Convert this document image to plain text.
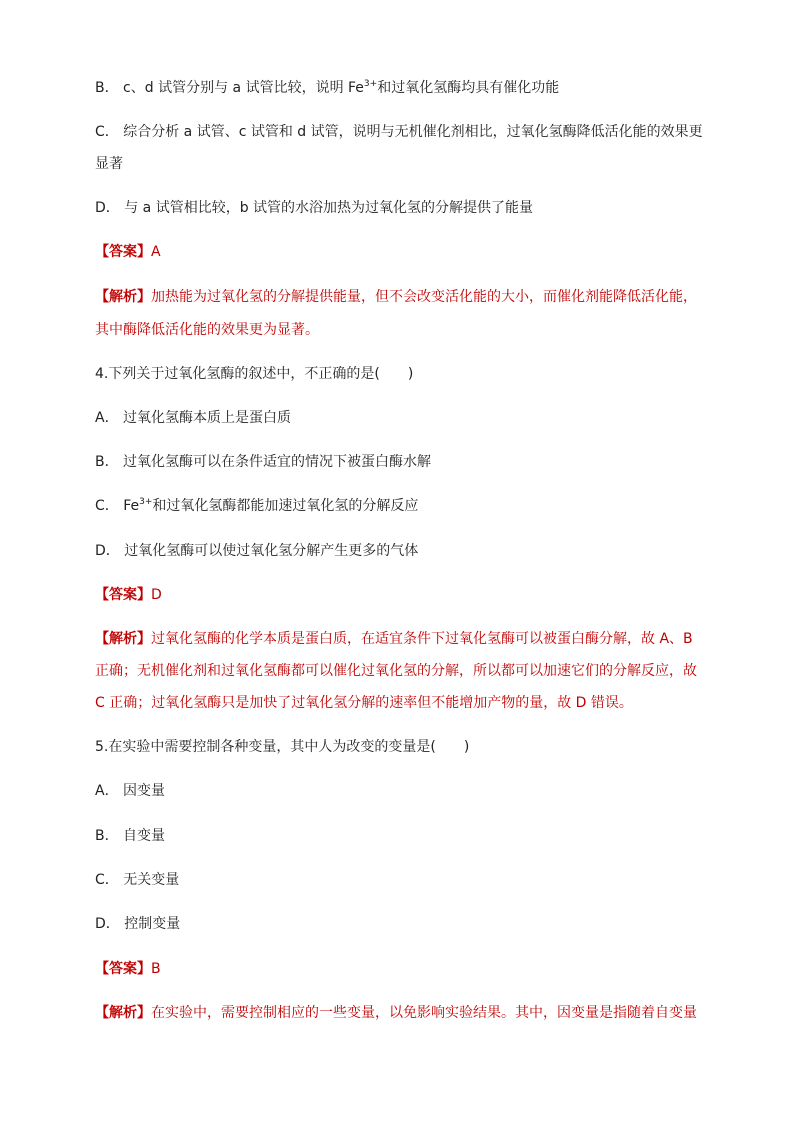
B． c、d 试管分别与 a 试管比较，说明 $Fe^{3+}$和过氧化氢酶均具有催化功能

C． 综合分析 a 试管、c 试管和 d 试管，说明与无机催化剂相比，过氧化氢酶降低活化能的效果更

显著

D． 与 a 试管相比较，b 试管的水浴加热为过氧化氢的分解提供了能量

【答案】A

【解析】加热能为过氧化氢的分解提供能量，但不会改变活化能的大小，而催化剂能降低活化能，

其中酶降低活化能的效果更为显著。

4.下列关于过氧化氢酶的叙述中，不正确的是(　　)

A． 过氧化氢酶本质上是蛋白质

B． 过氧化氢酶可以在条件适宜的情况下被蛋白酶水解

C． $Fe^{3+}$和过氧化氢酶都能加速过氧化氢的分解反应

D． 过氧化氢酶可以使过氧化氢分解产生更多的气体

【答案】D

【解析】过氧化氢酶的化学本质是蛋白质，在适宜条件下过氧化氢酶可以被蛋白酶分解，故 A、B

正确；无机催化剂和过氧化氢酶都可以催化过氧化氢的分解，所以都可以加速它们的分解反应，故

C 正确；过氧化氢酶只是加快了过氧化氢分解的速率但不能增加产物的量，故 D 错误。

5.在实验中需要控制各种变量，其中人为改变的变量是(　　)

A． 因变量

B． 自变量

C． 无关变量

D． 控制变量

【答案】B

【解析】在实验中，需要控制相应的一些变量，以免影响实验结果。其中，因变量是指随着自变量
